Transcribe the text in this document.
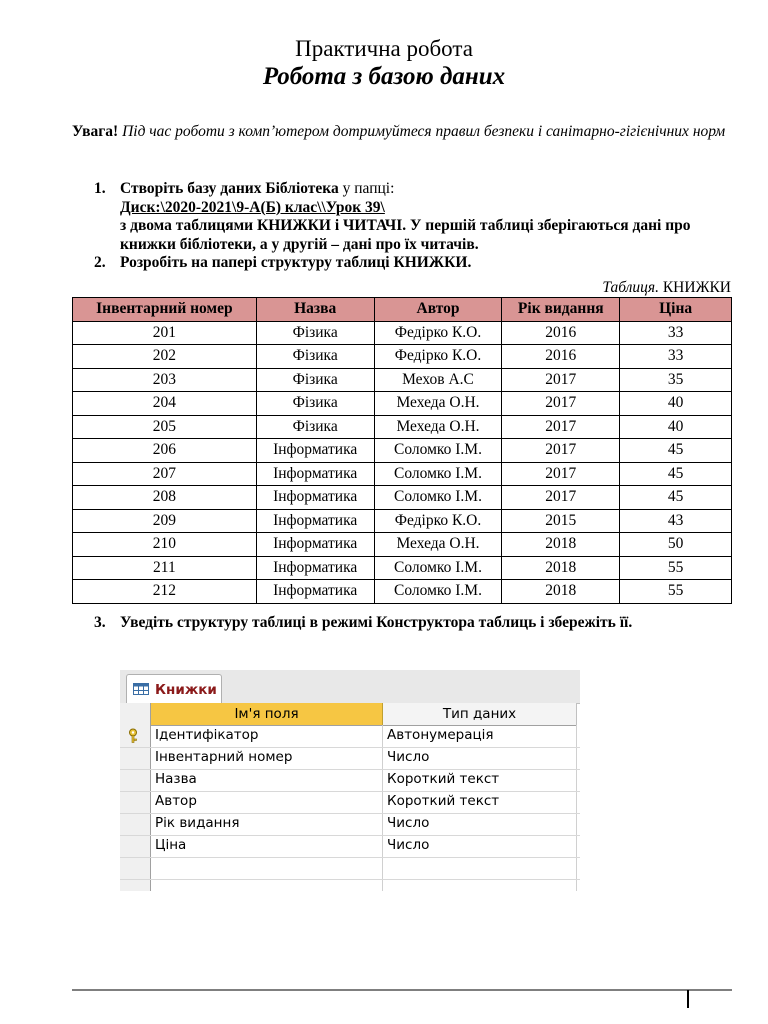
Практична робота
Робота з базою даних
Увага! Під час роботи з комп’ютером дотримуйтеся правил безпеки і санітарно-гігієнічних норм
1. Створіть базу даних Бібліотека у папці:
Диск:\2020-2021\9-А(Б) клас\\Урок 39\
з двома таблицями КНИЖКИ і ЧИТАЧІ. У першій таблиці зберігаються дані про книжки бібліотеки, а у другій – дані про їх читачів.
2. Розробіть на папері структуру таблиці КНИЖКИ.
Таблиця. КНИЖКИ
Інвентарний номер	Назва	Автор	Рік видання	Ціна
201	Фізика	Федірко К.О.	2016	33
202	Фізика	Федірко К.О.	2016	33
203	Фізика	Мехов А.С	2017	35
204	Фізика	Мехеда О.Н.	2017	40
205	Фізика	Мехеда О.Н.	2017	40
206	Інформатика	Соломко І.М.	2017	45
207	Інформатика	Соломко І.М.	2017	45
208	Інформатика	Соломко І.М.	2017	45
209	Інформатика	Федірко К.О.	2015	43
210	Інформатика	Мехеда О.Н.	2018	50
211	Інформатика	Соломко І.М.	2018	55
212	Інформатика	Соломко І.М.	2018	55
3. Уведіть структуру таблиці в режимі Конструктора таблиць і збережіть її.
Книжки
Ім'я поля	Тип даних
Ідентифікатор	Автонумерація
Інвентарний номер	Число
Назва	Короткий текст
Автор	Короткий текст
Рік видання	Число
Ціна	Число
